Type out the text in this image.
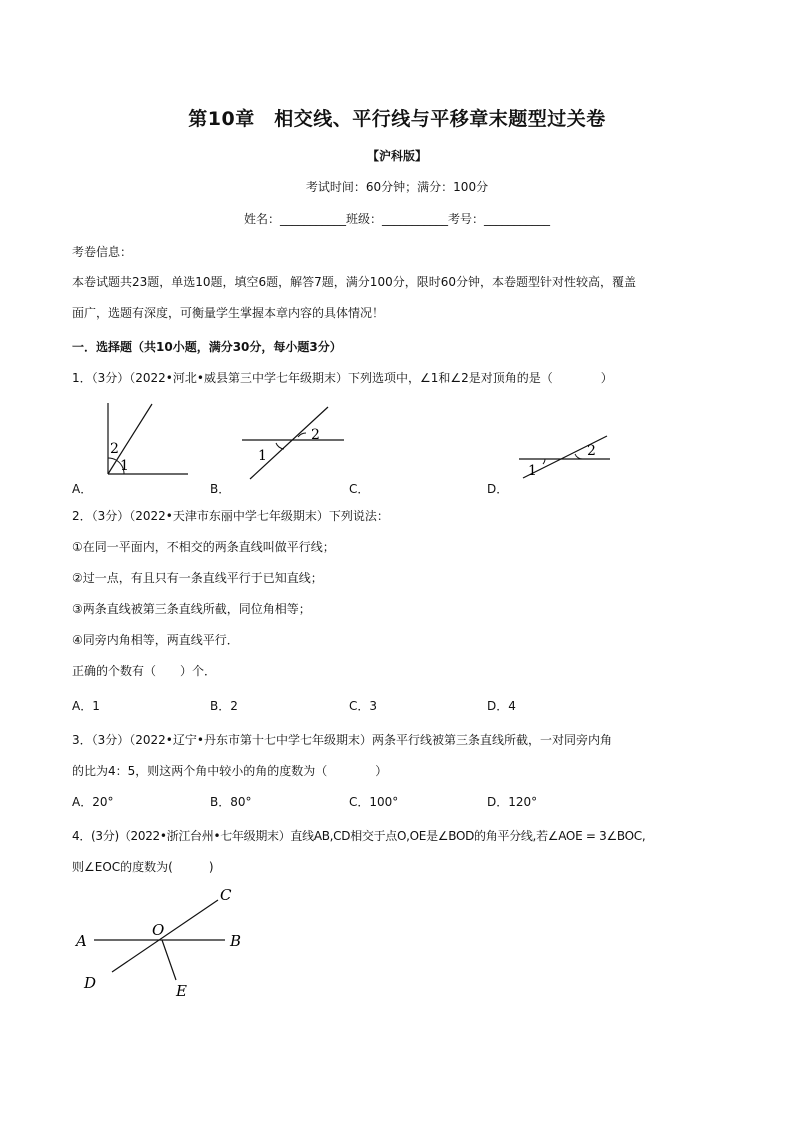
第10章　相交线、平行线与平移章末题型过关卷
【沪科版】
考试时间：60分钟；满分：100分
姓名：___________班级：___________考号：___________
考卷信息：
本卷试题共23题，单选10题，填空6题，解答7题，满分100分，限时60分钟，本卷题型针对性较高，覆盖
面广，选题有深度，可衡量学生掌握本章内容的具体情况！
一．选择题（共10小题，满分30分，每小题3分）
1．（3分）（2022•河北•威县第三中学七年级期末）下列选项中，∠1和∠2是对顶角的是（　　　　）
2
1
A．
1
2
B．	C．
1
2
D．
2．（3分）（2022•天津市东丽中学七年级期末）下列说法：
①在同一平面内，不相交的两条直线叫做平行线；
②过一点，有且只有一条直线平行于已知直线；
③两条直线被第三条直线所截，同位角相等；
④同旁内角相等，两直线平行．
正确的个数有（　　）个．
A．1	B．2	C．3	D．4
3．（3分）（2022•辽宁•丹东市第十七中学七年级期末）两条平行线被第三条直线所截，一对同旁内角
的比为4：5，则这两个角中较小的角的度数为（　　　　）
A．20°	B．80°	C．100°	D．120°
4．(3分)（2022•浙江台州•七年级期末）直线AB,CD相交于点O,OE是∠BOD的角平分线,若∠AOE = 3∠BOC,
则∠EOC的度数为(　　　)
C
A
O
B
D	E
